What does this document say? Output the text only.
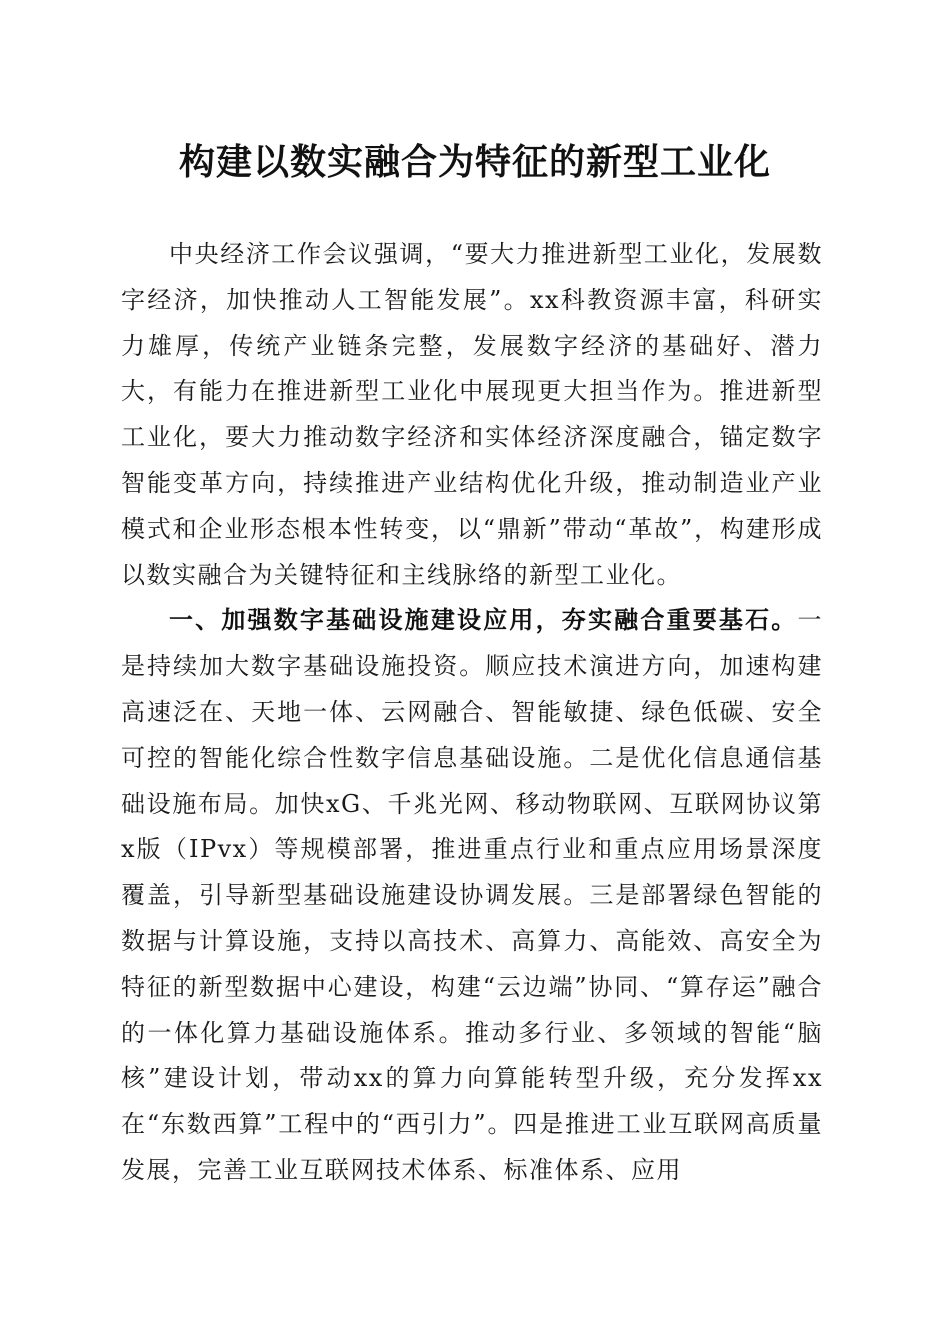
构建以数实融合为特征的新型工业化

中央经济工作会议强调，“要大力推进新型工业化，发展数字经济，加快推动人工智能发展”。xx科教资源丰富，科研实力雄厚，传统产业链条完整，发展数字经济的基础好、潜力大，有能力在推进新型工业化中展现更大担当作为。推进新型工业化，要大力推动数字经济和实体经济深度融合，锚定数字智能变革方向，持续推进产业结构优化升级，推动制造业产业模式和企业形态根本性转变，以“鼎新”带动“革故”，构建形成以数实融合为关键特征和主线脉络的新型工业化。

一、加强数字基础设施建设应用，夯实融合重要基石。一是持续加大数字基础设施投资。顺应技术演进方向，加速构建高速泛在、天地一体、云网融合、智能敏捷、绿色低碳、安全可控的智能化综合性数字信息基础设施。二是优化信息通信基础设施布局。加快xG、千兆光网、移动物联网、互联网协议第x版（IPvx）等规模部署，推进重点行业和重点应用场景深度覆盖，引导新型基础设施建设协调发展。三是部署绿色智能的数据与计算设施，支持以高技术、高算力、高能效、高安全为特征的新型数据中心建设，构建“云边端”协同、“算存运”融合的一体化算力基础设施体系。推动多行业、多领域的智能“脑核”建设计划，带动xx的算力向算能转型升级，充分发挥xx在“东数西算”工程中的“西引力”。四是推进工业互联网高质量发展，完善工业互联网技术体系、标准体系、应用
